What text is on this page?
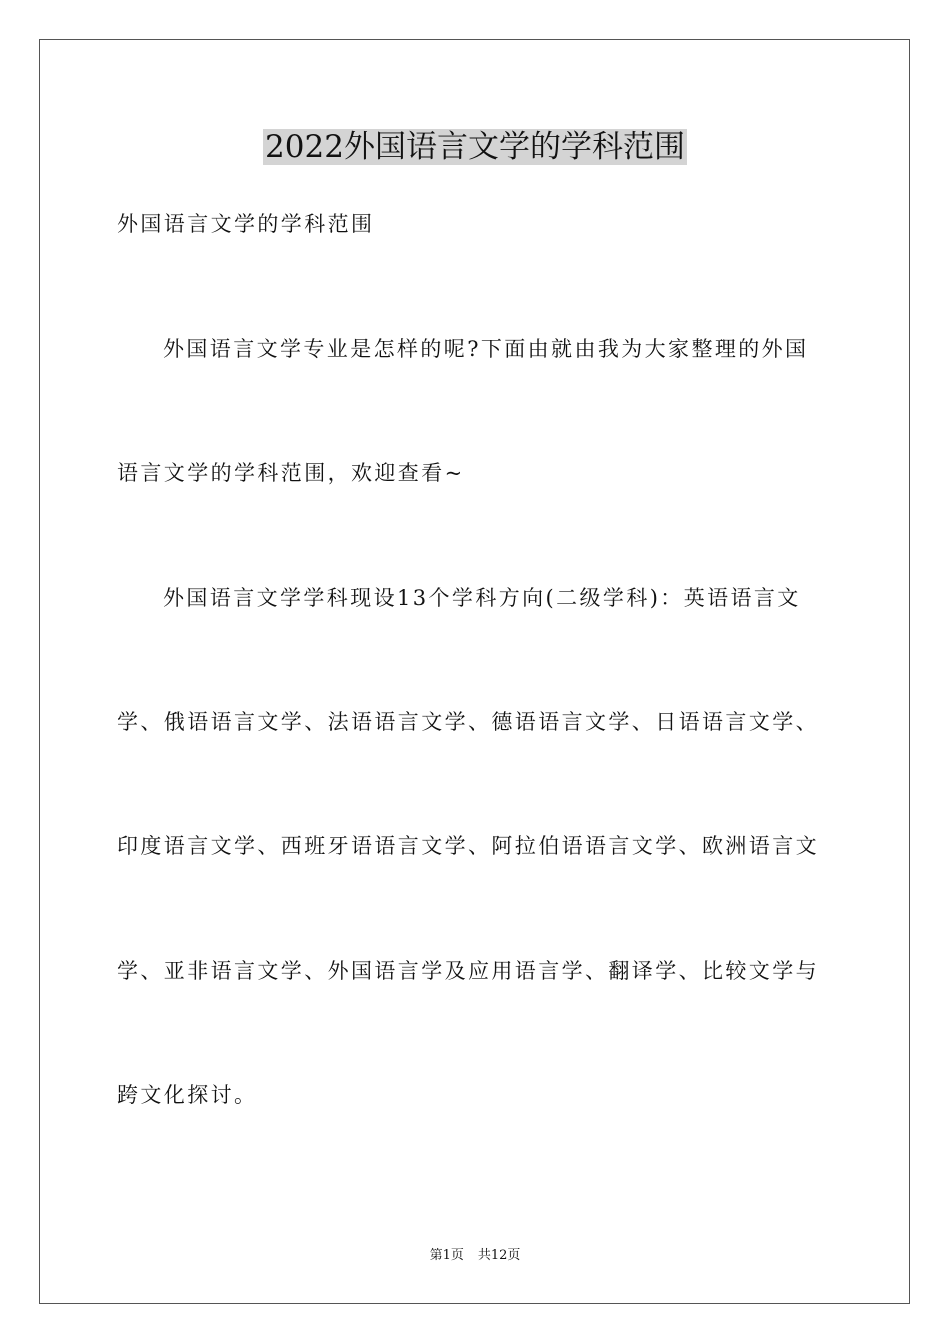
2022外国语言文学的学科范围

外国语言文学的学科范围

外国语言文学专业是怎样的呢?下面由就由我为大家整理的外国

语言文学的学科范围，欢迎查看~

外国语言文学学科现设13个学科方向(二级学科)：英语语言文

学、俄语语言文学、法语语言文学、德语语言文学、日语语言文学、

印度语言文学、西班牙语语言文学、阿拉伯语语言文学、欧洲语言文

学、亚非语言文学、外国语言学及应用语言学、翻译学、比较文学与

跨文化探讨。

第1页 共12页
